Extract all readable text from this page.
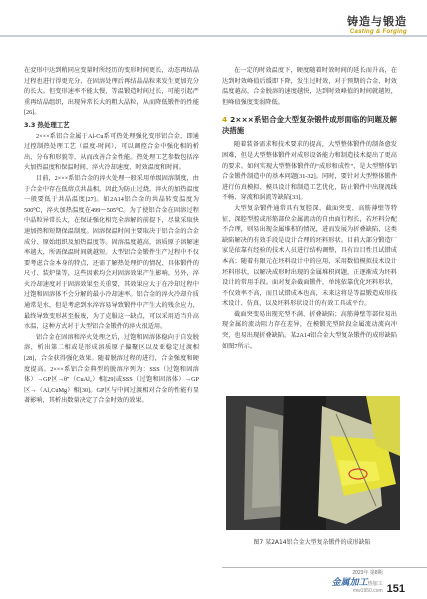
铸造与锻造
Casting & Forging

在変形中达到稍同应变量时所经历的变形时间更长，动态再结晶过程也进行得更充分，在固溶处理后再结晶晶粒来发生更加充分的长大。但变形速率不能太慢，等温锻造时间过长，可能引起严重再结晶组织，出现异常长大的粗大晶粒，从而降低锻件的性能[26]。

3.3 热处理工艺

2×××系铝合金属于Al-Cu系可热处理强化变形铝合金，即通过控制热处理工艺（温度-时间），可以调控合金中强化相的析出、分布和形貌等，从而改善合金性能。热处理工艺参数包括淬火加热温度和保温时间、淬火冷却速度、时效温度和时间。

目前，2×××系铝合金的淬火处理一般采用单级固溶制度，由于合金中存在低熔点共晶相，因此为防止过烧，淬火的加热温度一般要低于共晶温度[27]。如2A14铝合金的共晶转变温度为500℃，淬火加热温度在499～505℃。为了使铝合金在固溶过程中晶粒异常长大，在保证强化相完全溶解的前提下，尽量采取快速加热和短期保温制度。固溶保温时间主要取决于铝合金的合金成分、原始组织及加热温度等。固溶温度越高，溶质原子溶解速率越大，所需保温时间就越短。大型铝合金锻件生产过程中不仅要考虑合金本身的特点，还需了解热处理炉的情况、具体锻件的尺寸、装炉量等，这些因素均会对固溶效果产生影响。另外，淬火冷却速度对于固溶效果至关重要，其效果应大于在冷却过程中过饱和固溶体不会分解的最小冷却速率。铝合金的淬火冷却介质通常是水，但是考虑到水淬容易导致锻件中产生大的残余应力，最终导致变形甚至报废，为了克服这一缺点，可以采用适当升高水温，这种方式对于大型铝合金锻件的淬火很适用。

铝合金在固溶和淬火处理之后，过饱和固溶体稳向于自发脱溶，析出第二相或是形成溶质原子偏聚区以及亚稳定过渡相[28]，合金获得强化效果。随着脱溶过程的进行，合金强度和硬度提高。2×××系铝合金典型的脱溶序列为：SSS（过饱和固溶体）→GP区→θ″（CuAl₂）相[29]或SSS（过饱和固溶体）→GP区→（Al₂CuMg）相[30]。GP区与中间过渡相对合金的性能有显著影响，其析出数量决定了合金时效的效果。

在一定的时效温度下，硬度随着时效时间的延长而升高，在达到时效峰值后缓即下降，发生过时效，对于预期的合金，时效温度越高，合金脱溶的速度越快，达到时效峰值的时间就越短，但峰值强度变弱降低。

4 2×××系铝合金大型复杂锻件成形面临的问题及解决措施

随着装备需求和技术要求的提高，大型整体锻件的制备愈发困难，但是大型整体锻件对成形设备能力和制造技术提出了更高的要求。如何实现大型整体锻件的“成形和成性”，是大型整体铝合金锻件制造中的基本问题[31-32]。同时，要针对大型整体锻件进行仿真模拟、模具设计和制造工艺优化，防止锻件中出现流线不畅、穿流和涡流等缺陷[33]。

大型复杂锻件通常具有复腔深、截面突变、高筋薄壁等特征，深腔型腔或形筋部位金属流动的自由面行程长，若坯料分配不合理，则易出现金属堆积的情况，进而发展为折叠缺陷，这类缺陷解决的有效手段是设计合理的坯料形状。目前大部分锻造厂家是依靠有经验的技术人员进行结构调整，具有盲目性且试错成本高；随着有限元在坯料设计中的应用，采用数值模拟技术设计坯料形状，以解决成形时出现的金属堆积问题，正逐渐成为坯料设计的常用手段。面对复杂截面锻件，单纯依靠优化坯料形状，不仅效率不高，而且试错成本也高，未来这将是等温锻造成形技术设计、仿真、以及坯料形状设计的有效工具或平台。

截面突变易出现充型不满、折叠缺陷；高筋薄壁等部位易出现金属的流动阻力存在差异，在模锻充型阶段金属流动流向冲突，也易出现折叠缺陷。某2A14铝合金大型复杂锻件的成形缺陷如图7所示。

图7 某2A14铝合金大型复杂锻件的成形缺陷
2023年 第8期
金属加工热加工
mw1950.com 151
